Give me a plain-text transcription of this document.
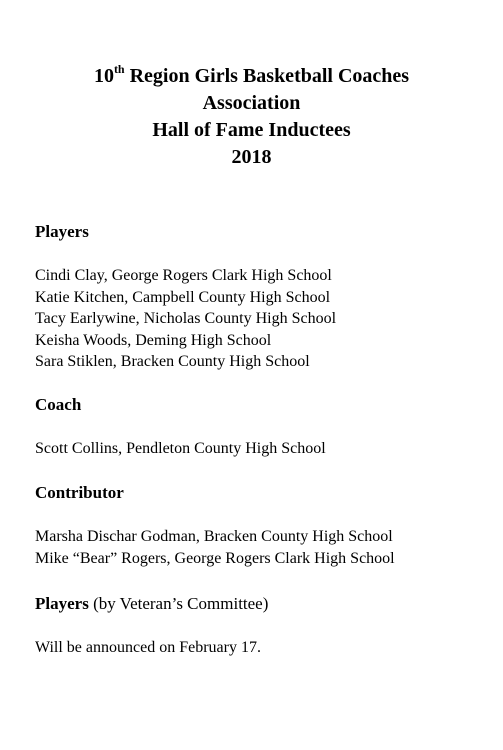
10th Region Girls Basketball Coaches
Association
Hall of Fame Inductees
2018
Players
Cindi Clay, George Rogers Clark High School
Katie Kitchen, Campbell County High School
Tacy Earlywine, Nicholas County High School
Keisha Woods, Deming High School
Sara Stiklen, Bracken County High School
Coach
Scott Collins, Pendleton County High School
Contributor
Marsha Dischar Godman, Bracken County High School
Mike “Bear” Rogers, George Rogers Clark High School
Players (by Veteran’s Committee)
Will be announced on February 17.
